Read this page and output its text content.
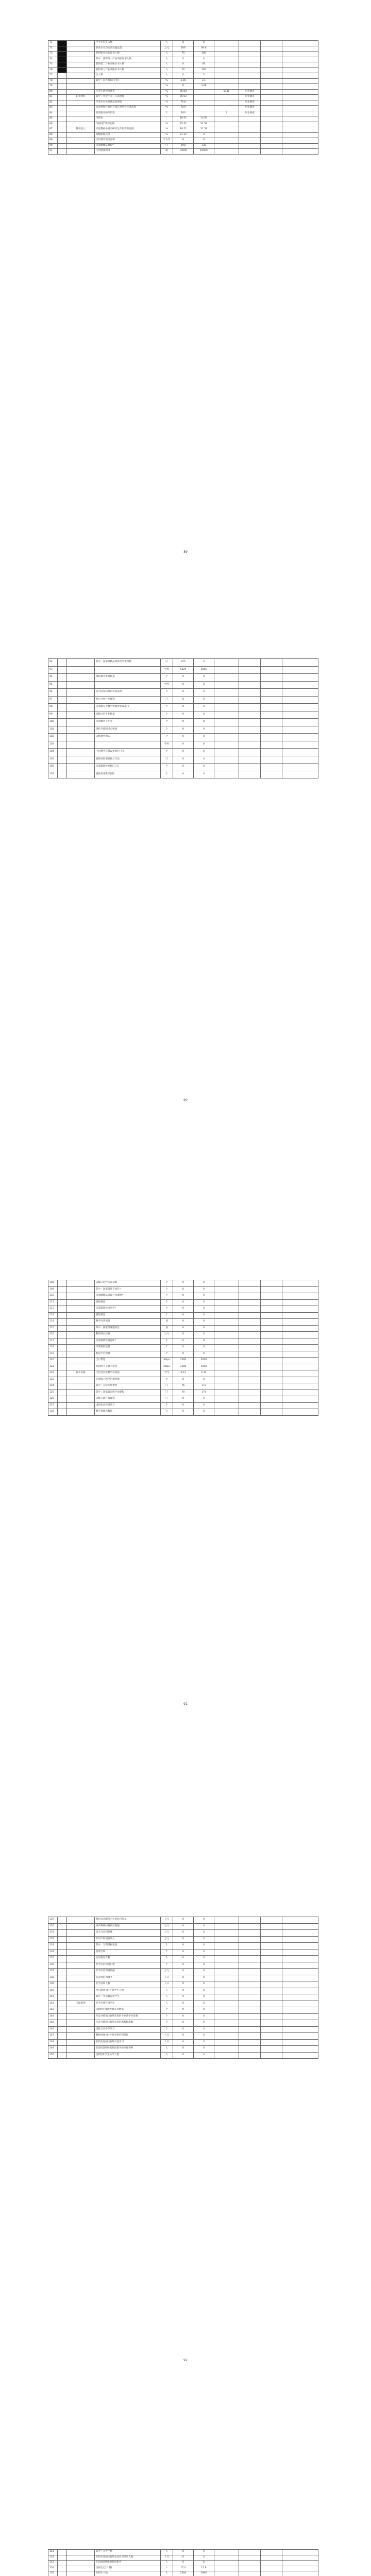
71			平大专科生入数	人	0	0				
72			职业生生均实训设施总值	万元	269	86.8				
73			获得职业技能证书人数	人	70	200				
74			其中：获得第一产业高级证书人数	人	0	0				
75			获得第二产业高级证书人数	人	0	85				
76			获得第三产业高级证书人数	人	70	200				
77			生人数	人	0	0				
78			其中：民办高职(专科)	%	3.06	3.1				
79				%	0	4.08				
80			毕业生满意度调查	%	86.08		5138	问卷调查		
81		职业教育	其中：毕业生第三人满意度	%	85.93			问卷调查		
82			毕业生对母校满意度调查	%	76.8			问卷调查		
83			公益性和社会用人单位对毕业生满意度	%	78.9			问卷调查		
84			接受服务的单位数	个	100		3	问卷调查		
85			生师比	-	19.52	13.95				
86			"双师型"教师比例	%	35.32	51.58				
87		教学投入	专任教师中具有研究生学位教师比例	%	28.52	31.58				
88			高级职称比例	%	31.33	0				
89			生均教学用房面积	平方米	6	0				
90			国家级精品课程*	门	198	138				
91			生均纸质图书	册	10000	10000				
89
92			其中：国家级精品资源共享课程数	门	725	0				
93				学时	5020	3806				
94			网络教学资源数量	个	0	0				
95				学时	0	0				
96			符合国家标准的实训基地	个	0	0				
97			校企合作开发课程	门	0	0				
98			国家级专业教学资源库建设项目	个	0	0				
99			省级示范专业数量	个	0	0				
100			国家级骨干专业	个	0	0				
101			现代学徒制试点数量	个	0	0				
102			省级教学团队	个	0	0				
103				学时	0	0				
104			生均教学仪器设备值(万元)	个	0	0				
105			省级双师型名师工作室	门	0	0				
106			国家级教学名师(万元)	个	0	0				
107			省级优秀教学团队	个	0	0				
90
108			省级示范性实训基地	个	0	0				
109			其中：国家级骨干项目*	个	0	0				
110			国家级精品资源共享课程*	个	0	0				
111			省级数量	个	0	0				
112			国家级教学成果奖*	个	0	0				
113			省级数量	个	0	0				
114			教学改革项目	项	0	0				
115			其中：国家级课题项目	项	0	0				
116			科研项目经费	万元	0	0				
117			国家级教学资源库*	个	0	0				
118			专利授权数量	个	0	0				
119			科研平台数量	个	0	0				
120			出口带宽	Mbps	2000	2000				
121			校园网主干最大带宽	Mbps	1000	1000				
122		服务贡献	生均信息化教学设备值	个/生	0.13	0.32				
123			开展线上教学的课程数	个	0	0				
124			其中：在线开放课程	门	76	172				
125			其中：国家级在线开放课程	门	70	174				
126			省级在线开放课程	门	0	0				
127			虚拟仿真实训项目	个	0	0				
128			教学资源库数量	个	0	0				
91
129			横向技术服务产生的经济效益	万元	0	0				
130			纵向科研经费到款数额	万元	0	0				
131			技术交易到款额	万元	0	0				
132			知识产权项目收入	万元	0	0				
133			其中：专利授权数量	个	0	0				
134			发明专利	个	0	0				
135			实用新型专利	个	0	0				
136			非学历培训项目数	个	0	0				
137			非学历培训到款额	万元	0	0				
138			公益性培训服务	人日	0	0				
139			社会培训人数	人日	0	0				
140			全日制国(境)外留学生人数	人	0	0				
141			其中：学历教育留学生	人	0	0				
142		国际影响	非学历教育留学生	人	0	0				
143			国(境)外技能大赛获奖数量	个	0	0				
144			开发并被国(境)外采用的专业教学标准数	个	0	0				
145			开发并被国(境)外采用的课程标准数	个	0	0				
146			国际合作办学项目	个	0	0				
147			教师赴国(境)外指导和培训时间	人日	0	0				
148			在校生赴国(境)外交流学习	人日	0	0				
149			在国(境)外组织担任职务的专任教师	人	0	0				
150			国(境)外学生访学人数	人	0	0				
92
151			其中：在校生数	人	0	0				
152			在校生赴国(境)外参加实习活动人数	人日	0	0				
153			在国(境)外组织担任职务	人	0	0				
154			生师比(全日制)	-	17.4	15.6				
155			在校生人数	人	2400	2900				
